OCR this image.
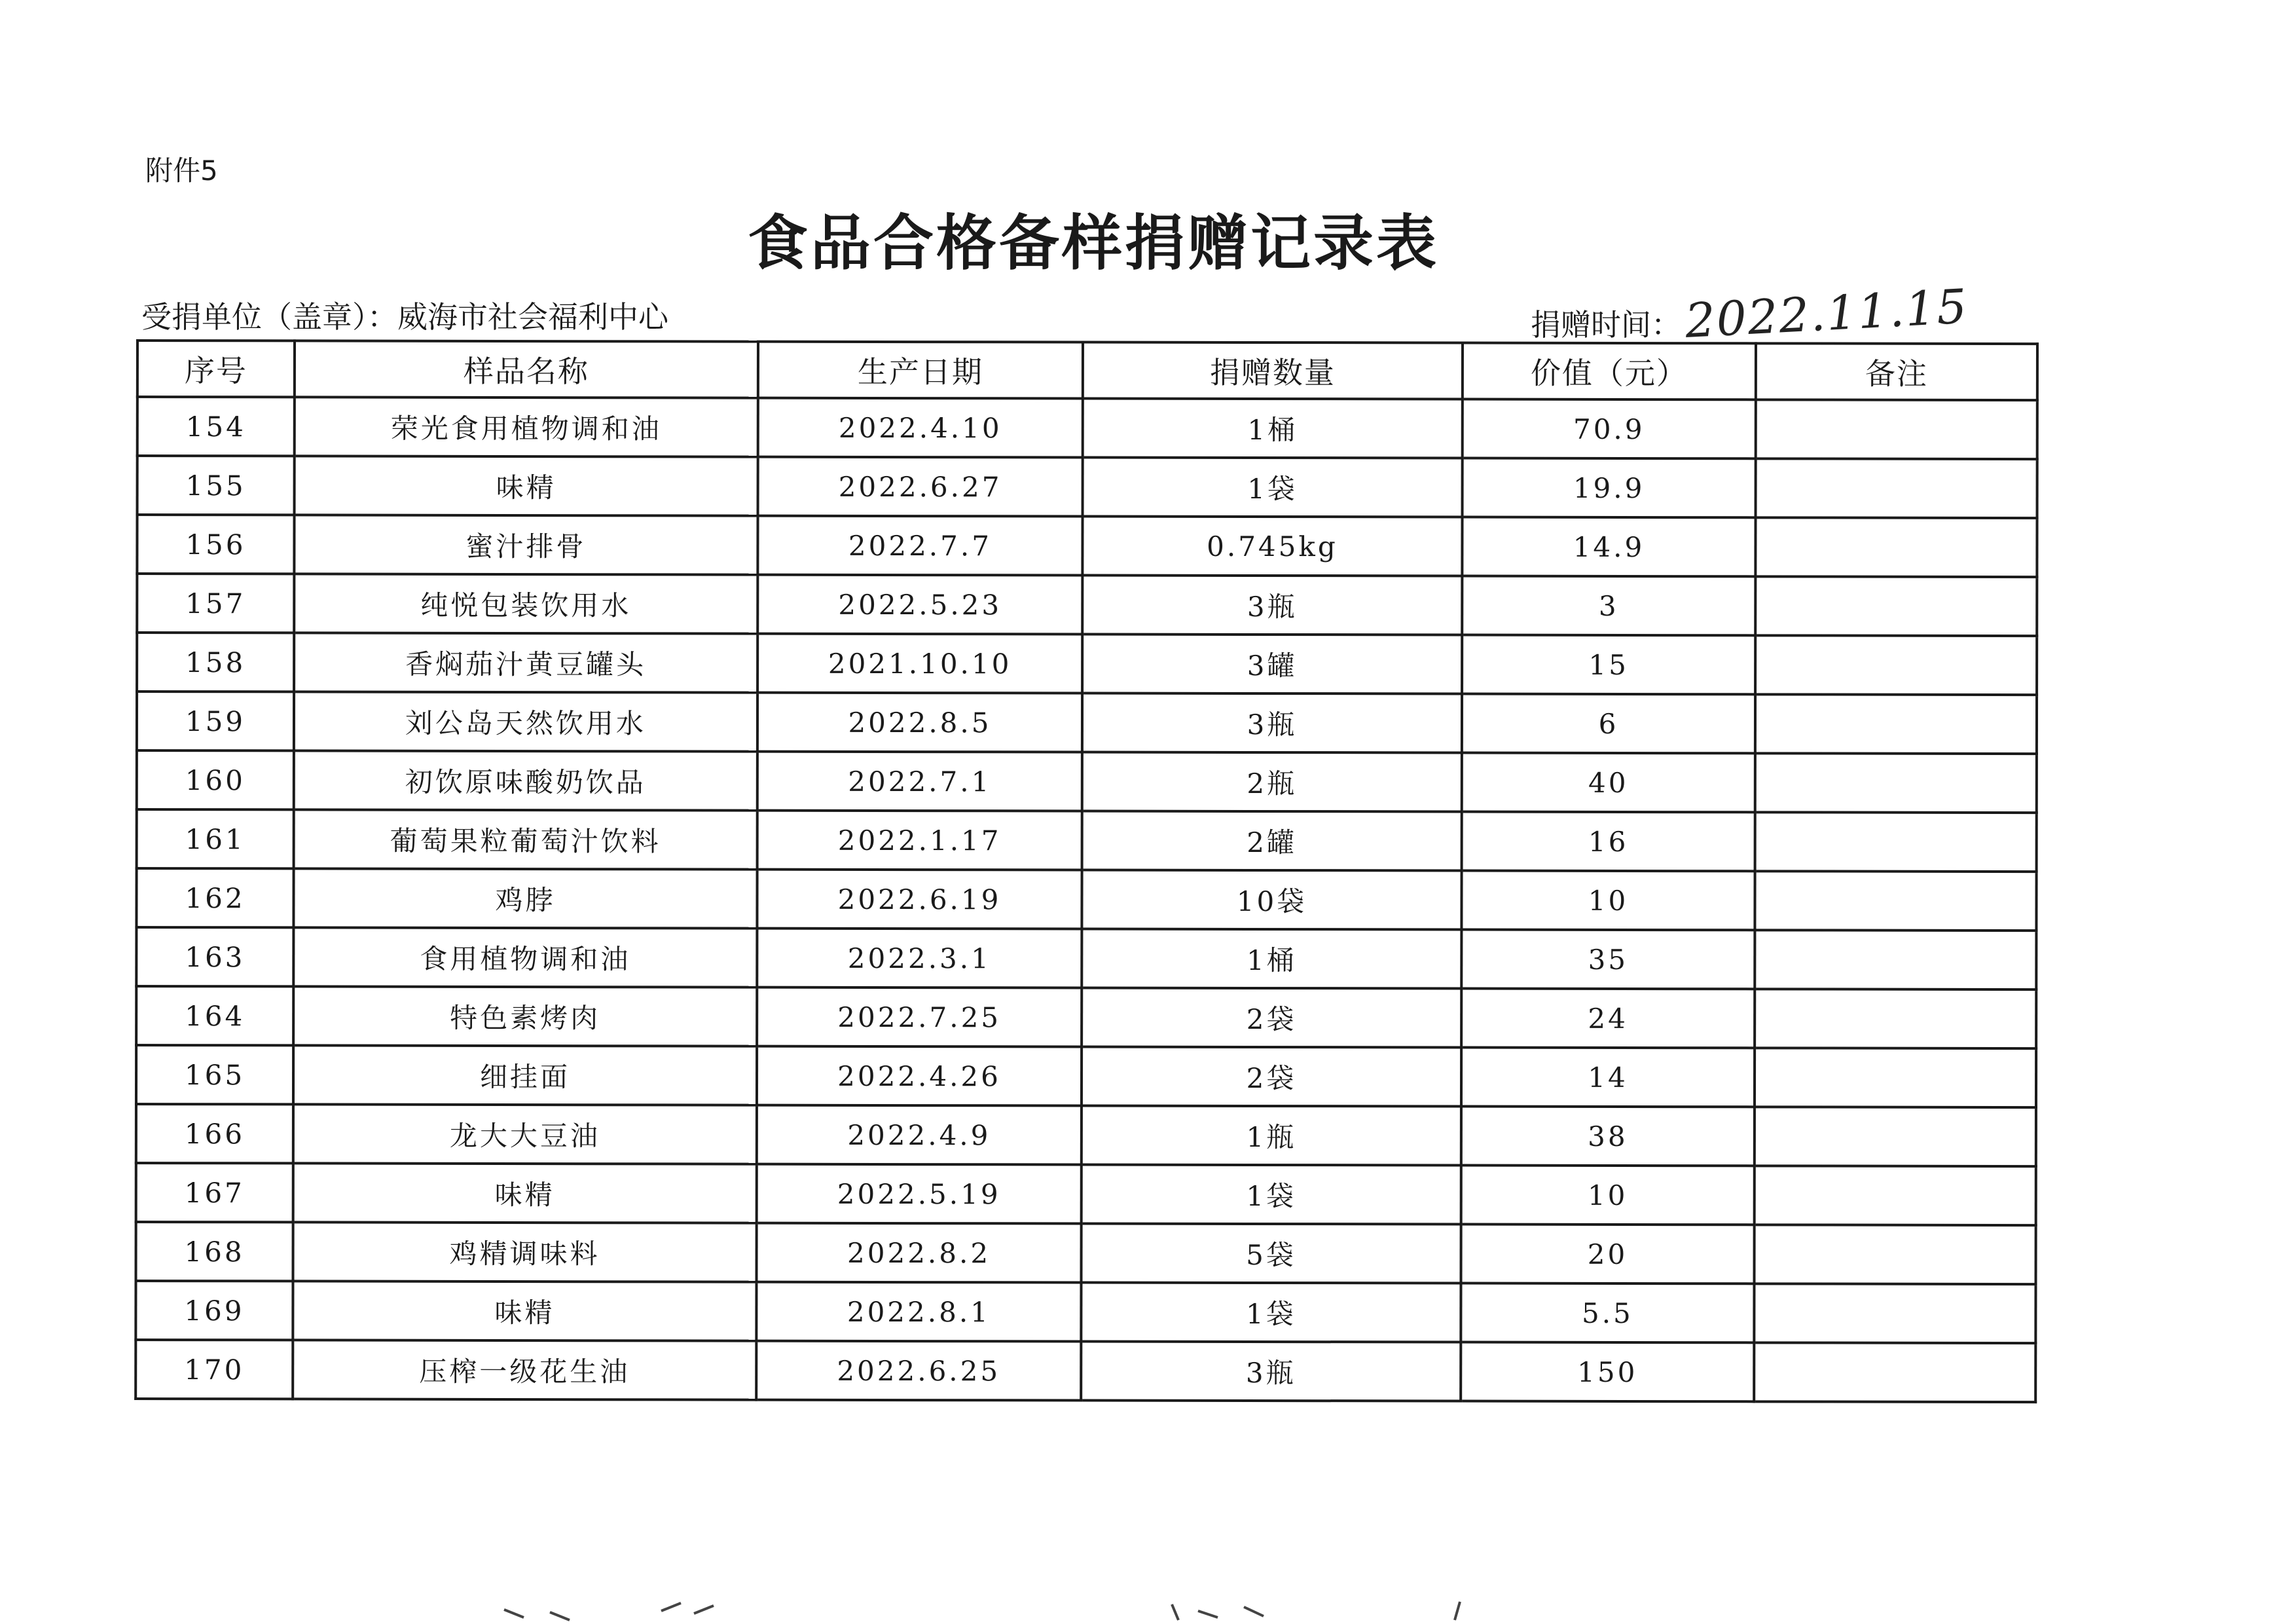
附件5
食品合格备样捐赠记录表
受捐单位（盖章）：威海市社会福利中心	捐赠时间： 2022.11.15
序号	样品名称	生产日期	捐赠数量	价值（元）	备注
154	荣光食用植物调和油	2022.4.10	1桶	70.9	
155	味精	2022.6.27	1袋	19.9	
156	蜜汁排骨	2022.7.7	0.745kg	14.9	
157	纯悦包装饮用水	2022.5.23	3瓶	3	
158	香焖茄汁黄豆罐头	2021.10.10	3罐	15	
159	刘公岛天然饮用水	2022.8.5	3瓶	6	
160	初饮原味酸奶饮品	2022.7.1	2瓶	40	
161	葡萄果粒葡萄汁饮料	2022.1.17	2罐	16	
162	鸡脖	2022.6.19	10袋	10	
163	食用植物调和油	2022.3.1	1桶	35	
164	特色素烤肉	2022.7.25	2袋	24	
165	细挂面	2022.4.26	2袋	14	
166	龙大大豆油	2022.4.9	1瓶	38	
167	味精	2022.5.19	1袋	10	
168	鸡精调味料	2022.8.2	5袋	20	
169	味精	2022.8.1	1袋	5.5	
170	压榨一级花生油	2022.6.25	3瓶	150	
